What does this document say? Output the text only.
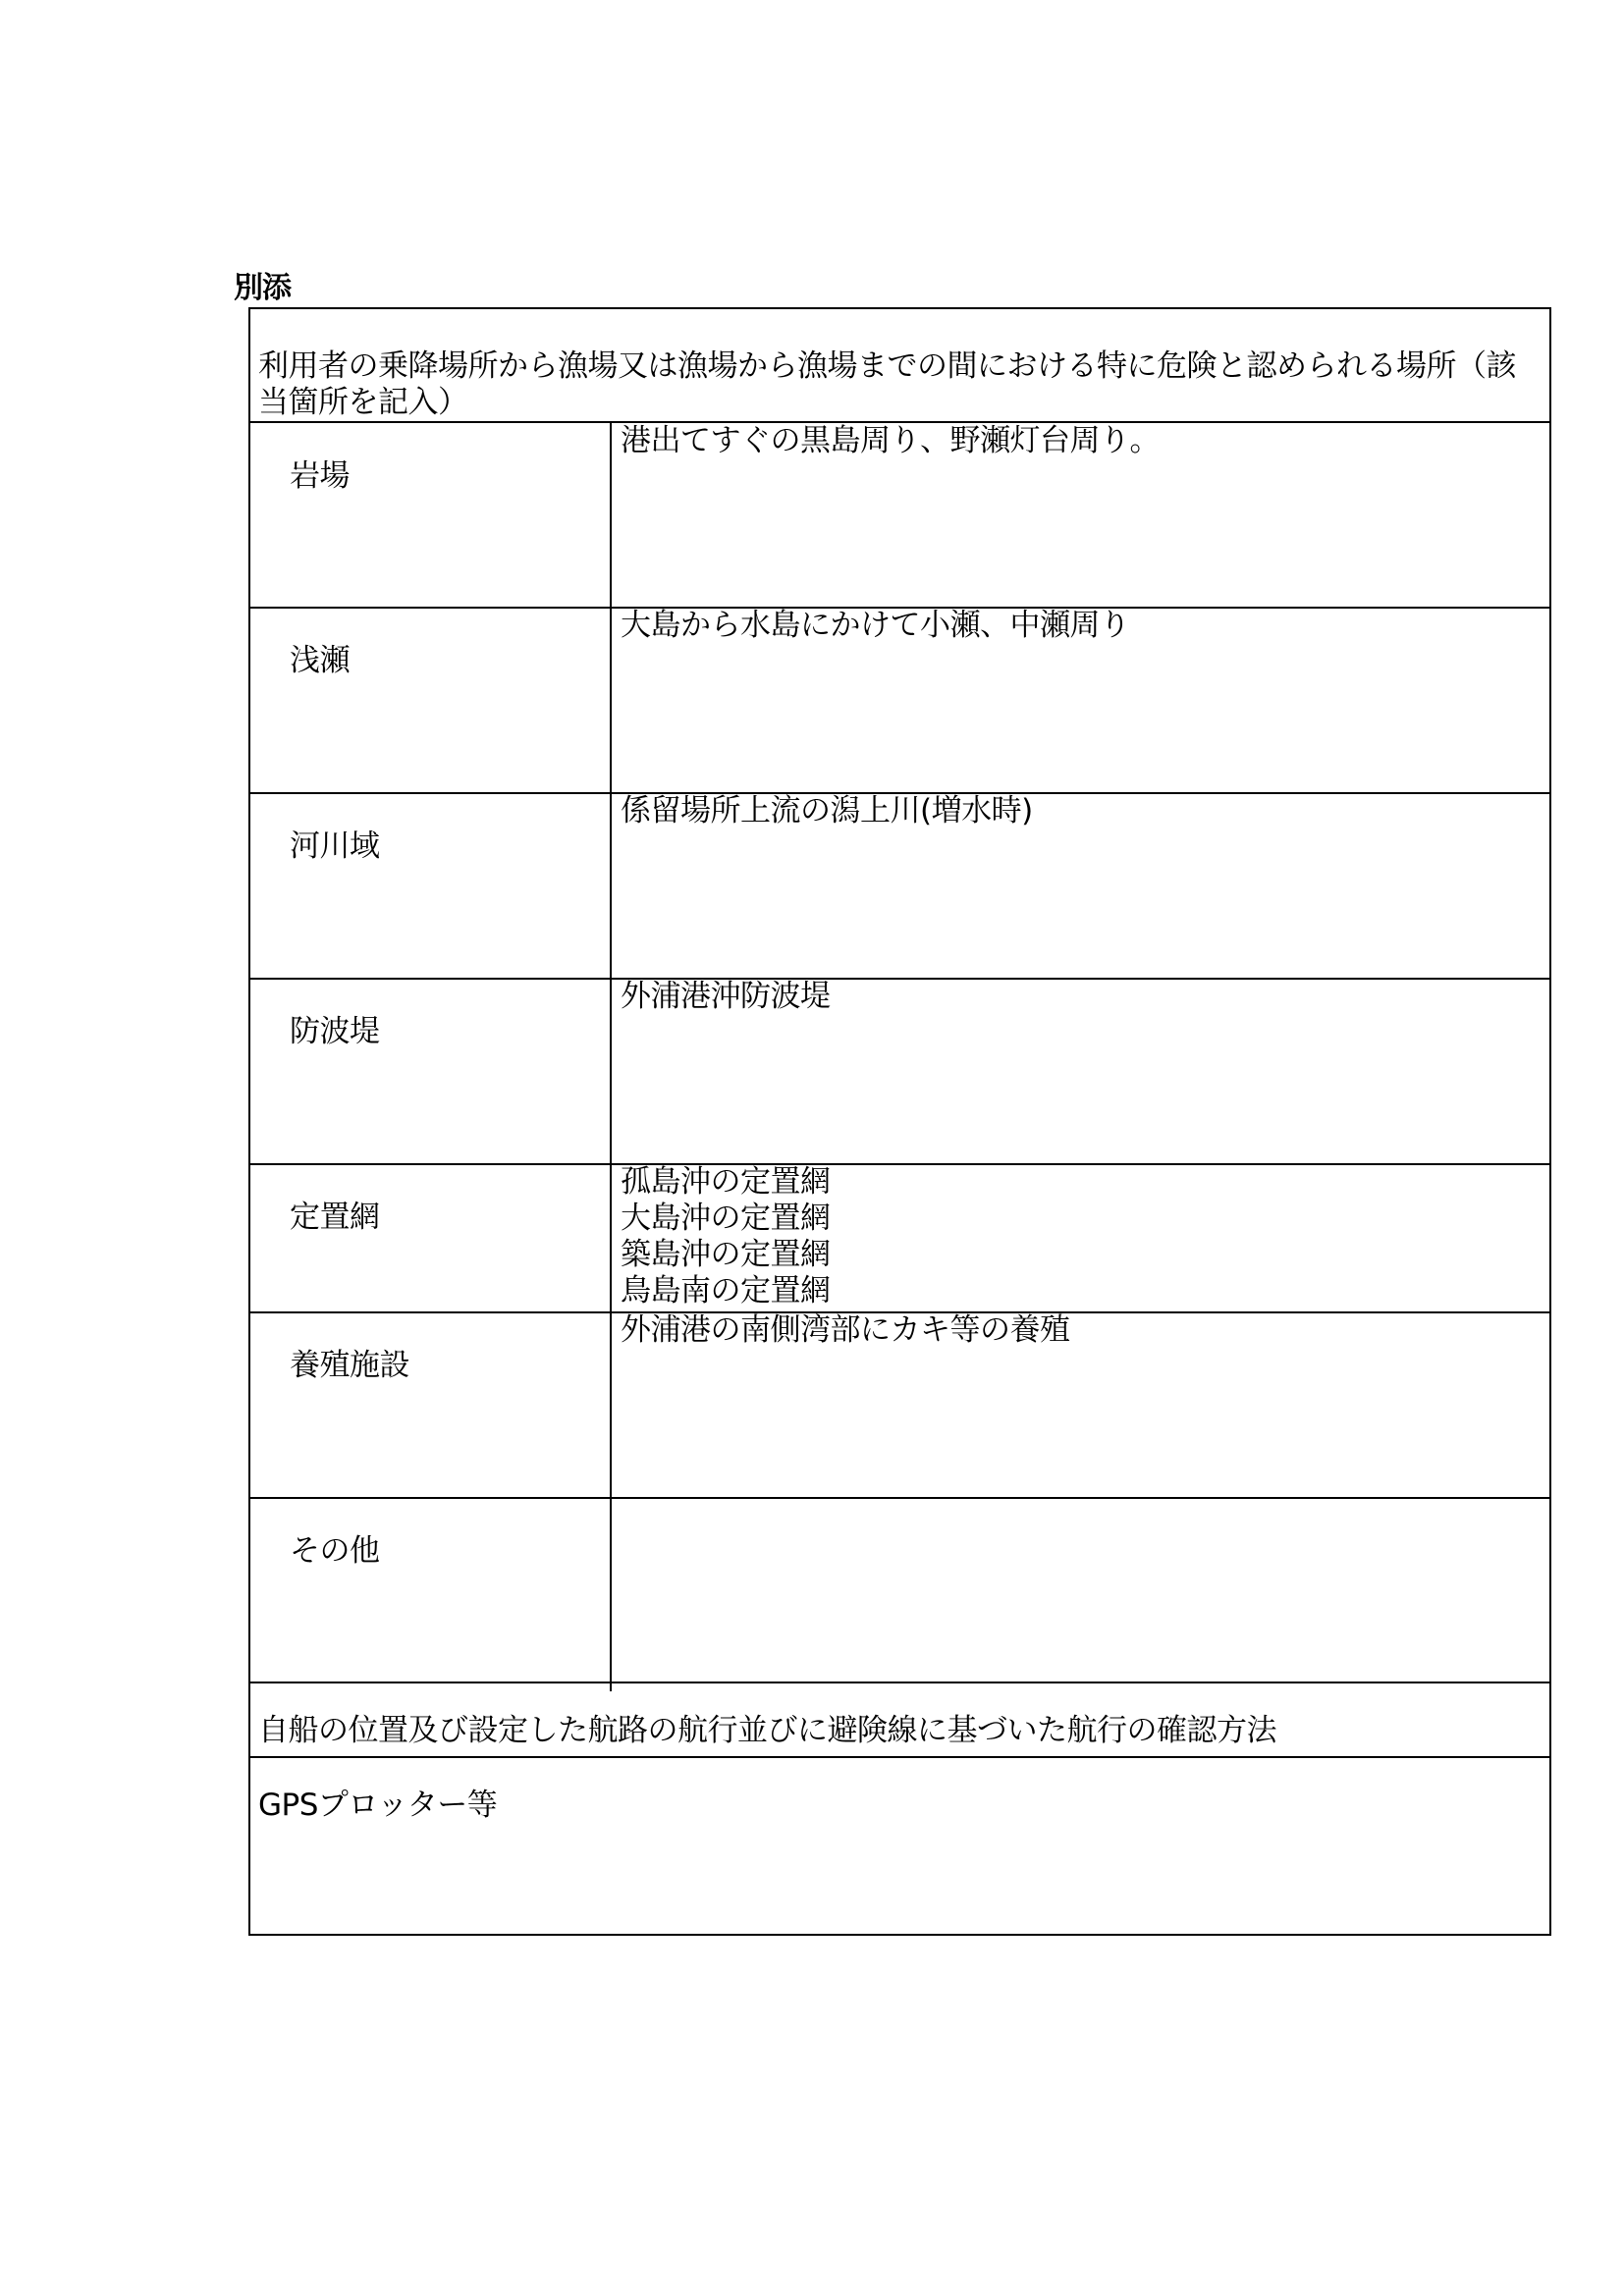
別添
利用者の乗降場所から漁場又は漁場から漁場までの間における特に危険と認められる場所（該当箇所を記入）
岩場
港出てすぐの黒島周り、野瀬灯台周り。
浅瀬
大島から水島にかけて小瀬、中瀬周り
河川域
係留場所上流の潟上川(増水時)
防波堤
外浦港沖防波堤
定置網
孤島沖の定置網
大島沖の定置網
築島沖の定置網
鳥島南の定置網
養殖施設
外浦港の南側湾部にカキ等の養殖
その他
自船の位置及び設定した航路の航行並びに避険線に基づいた航行の確認方法
GPSプロッター等
